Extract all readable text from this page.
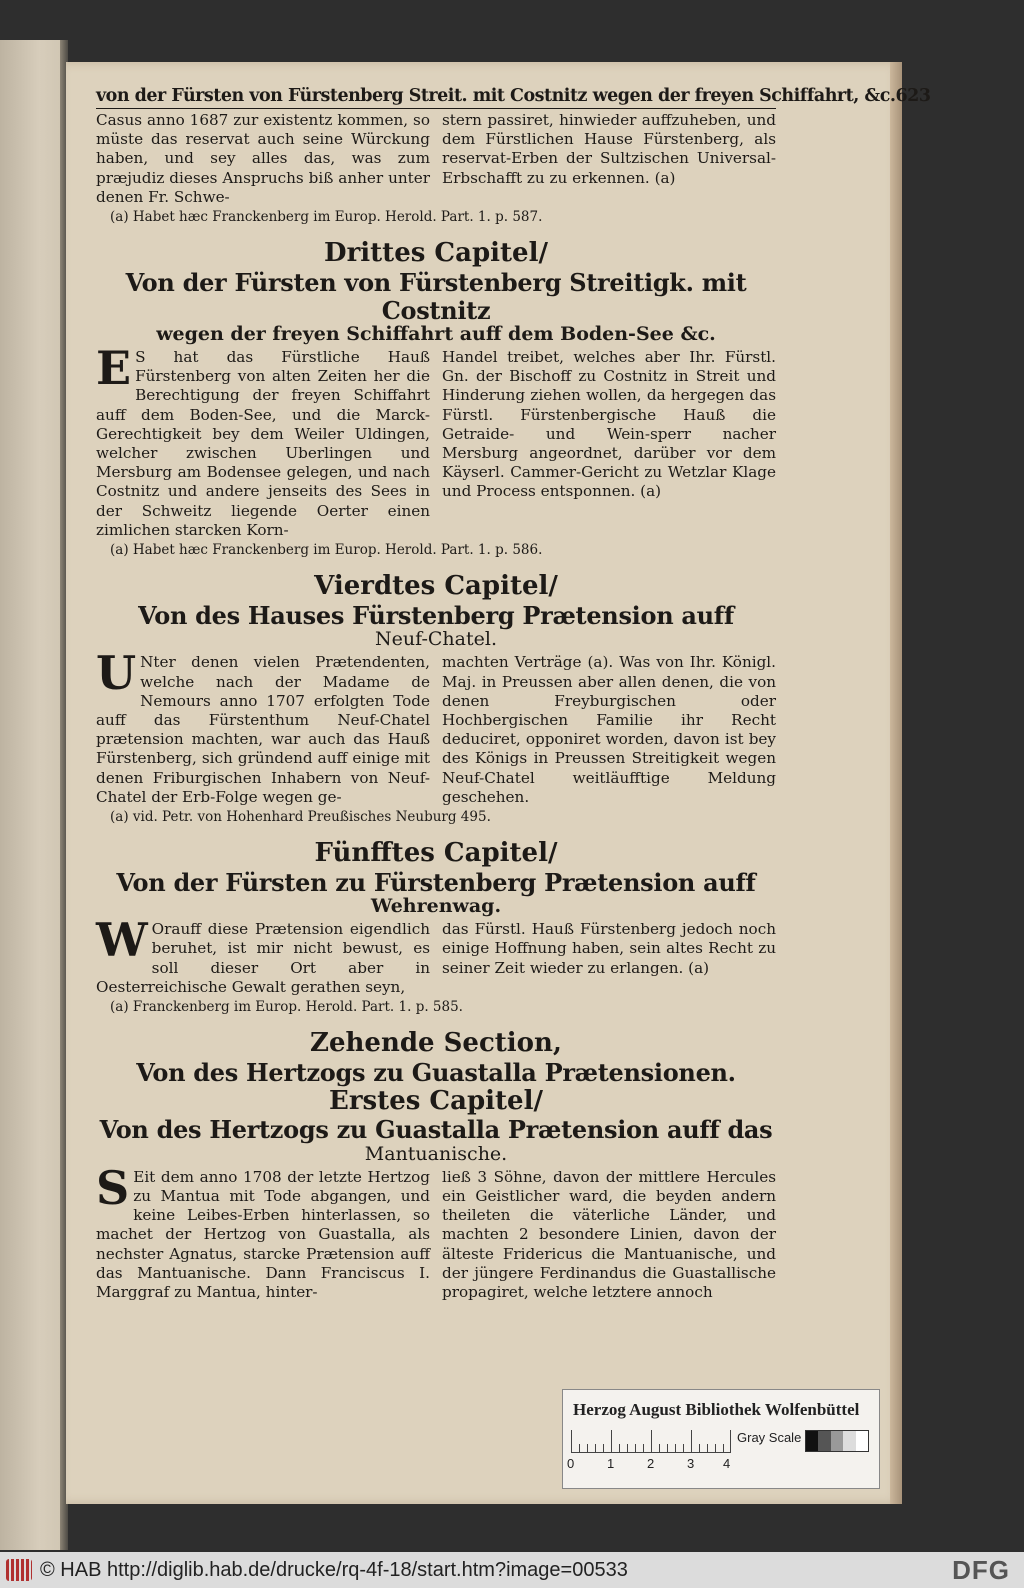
von der Fürsten von Fürstenberg Streit. mit Costnitz wegen der freyen Schiffahrt, &c. 623

Casus anno 1687 zur existentz kommen, so müste das reservat auch seine Würckung haben, und sey alles das, was zum præjudiz dieses Anspruchs biß anher unter denen Fr. Schwe-

stern passiret, hinwieder auffzuheben, und dem Fürstlichen Hause Fürstenberg, als reservat-Erben der Sultzischen Universal-Erbschafft zu zu erkennen. (a)

(a) Habet hæc Franckenberg im Europ. Herold. Part. 1. p. 587.
Drittes Capitel/
Von der Fürsten von Fürstenberg Streitigk. mit Costnitz
wegen der freyen Schiffahrt auff dem Boden-See &c.
E S hat das Fürstliche Hauß Fürstenberg von alten Zeiten her die Berechtigung der freyen Schiffahrt auff dem Boden-See, und die Marck-Gerechtigkeit bey dem Weiler Uldingen, welcher zwischen Uberlingen und Mersburg am Bodensee gelegen, und nach Costnitz und andere jenseits des Sees in der Schweitz liegende Oerter einen zimlichen starcken Korn-

Handel treibet, welches aber Ihr. Fürstl. Gn. der Bischoff zu Costnitz in Streit und Hinderung ziehen wollen, da hergegen das Fürstl. Fürstenbergische Hauß die Getraide- und Wein-sperr nacher Mersburg angeordnet, darüber vor dem Käyserl. Cammer-Gericht zu Wetzlar Klage und Process entsponnen. (a)

(a) Habet hæc Franckenberg im Europ. Herold. Part. 1. p. 586.
Vierdtes Capitel/
Von des Hauses Fürstenberg Prætension auff
Neuf-Chatel.
U Nter denen vielen Prætendenten, welche nach der Madame de Nemours anno 1707 erfolgten Tode auff das Fürstenthum Neuf-Chatel prætension machten, war auch das Hauß Fürstenberg, sich gründend auff einige mit denen Friburgischen Inhabern von Neuf-Chatel der Erb-Folge wegen ge-

machten Verträge (a). Was von Ihr. Königl. Maj. in Preussen aber allen denen, die von denen Freyburgischen oder Hochbergischen Familie ihr Recht deduciret, opponiret worden, davon ist bey des Königs in Preussen Streitigkeit wegen Neuf-Chatel weitläufftige Meldung geschehen.

(a) vid. Petr. von Hohenhard Preußisches Neuburg 495.
Fünfftes Capitel/
Von der Fürsten zu Fürstenberg Prætension auff
Wehrenwag.
W Orauff diese Prætension eigendlich beruhet, ist mir nicht bewust, es soll dieser Ort aber in Oesterreichische Gewalt gerathen seyn,

das Fürstl. Hauß Fürstenberg jedoch noch einige Hoffnung haben, sein altes Recht zu seiner Zeit wieder zu erlangen. (a)

(a) Franckenberg im Europ. Herold. Part. 1. p. 585.
Zehende Section,
Von des Hertzogs zu Guastalla Prætensionen.
Erstes Capitel/
Von des Hertzogs zu Guastalla Prætension auff das
Mantuanische.
S Eit dem anno 1708 der letzte Hertzog zu Mantua mit Tode abgangen, und keine Leibes-Erben hinterlassen, so machet der Hertzog von Guastalla, als nechster Agnatus, starcke Prætension auff das Mantuanische. Dann Franciscus I. Marggraf zu Mantua, hinter-

ließ 3 Söhne, davon der mittlere Hercules ein Geistlicher ward, die beyden andern theileten die väterliche Länder, und machten 2 besondere Linien, davon der älteste Fridericus die Mantuanische, und der jüngere Ferdinandus die Guastallische propagiret, welche letztere annoch

Herzog August Bibliothek Wolfenbüttel
0	1	2	3 4
Gray Scale
© HAB http://diglib.hab.de/drucke/rq-4f-18/start.htm?image=00533	DFG
